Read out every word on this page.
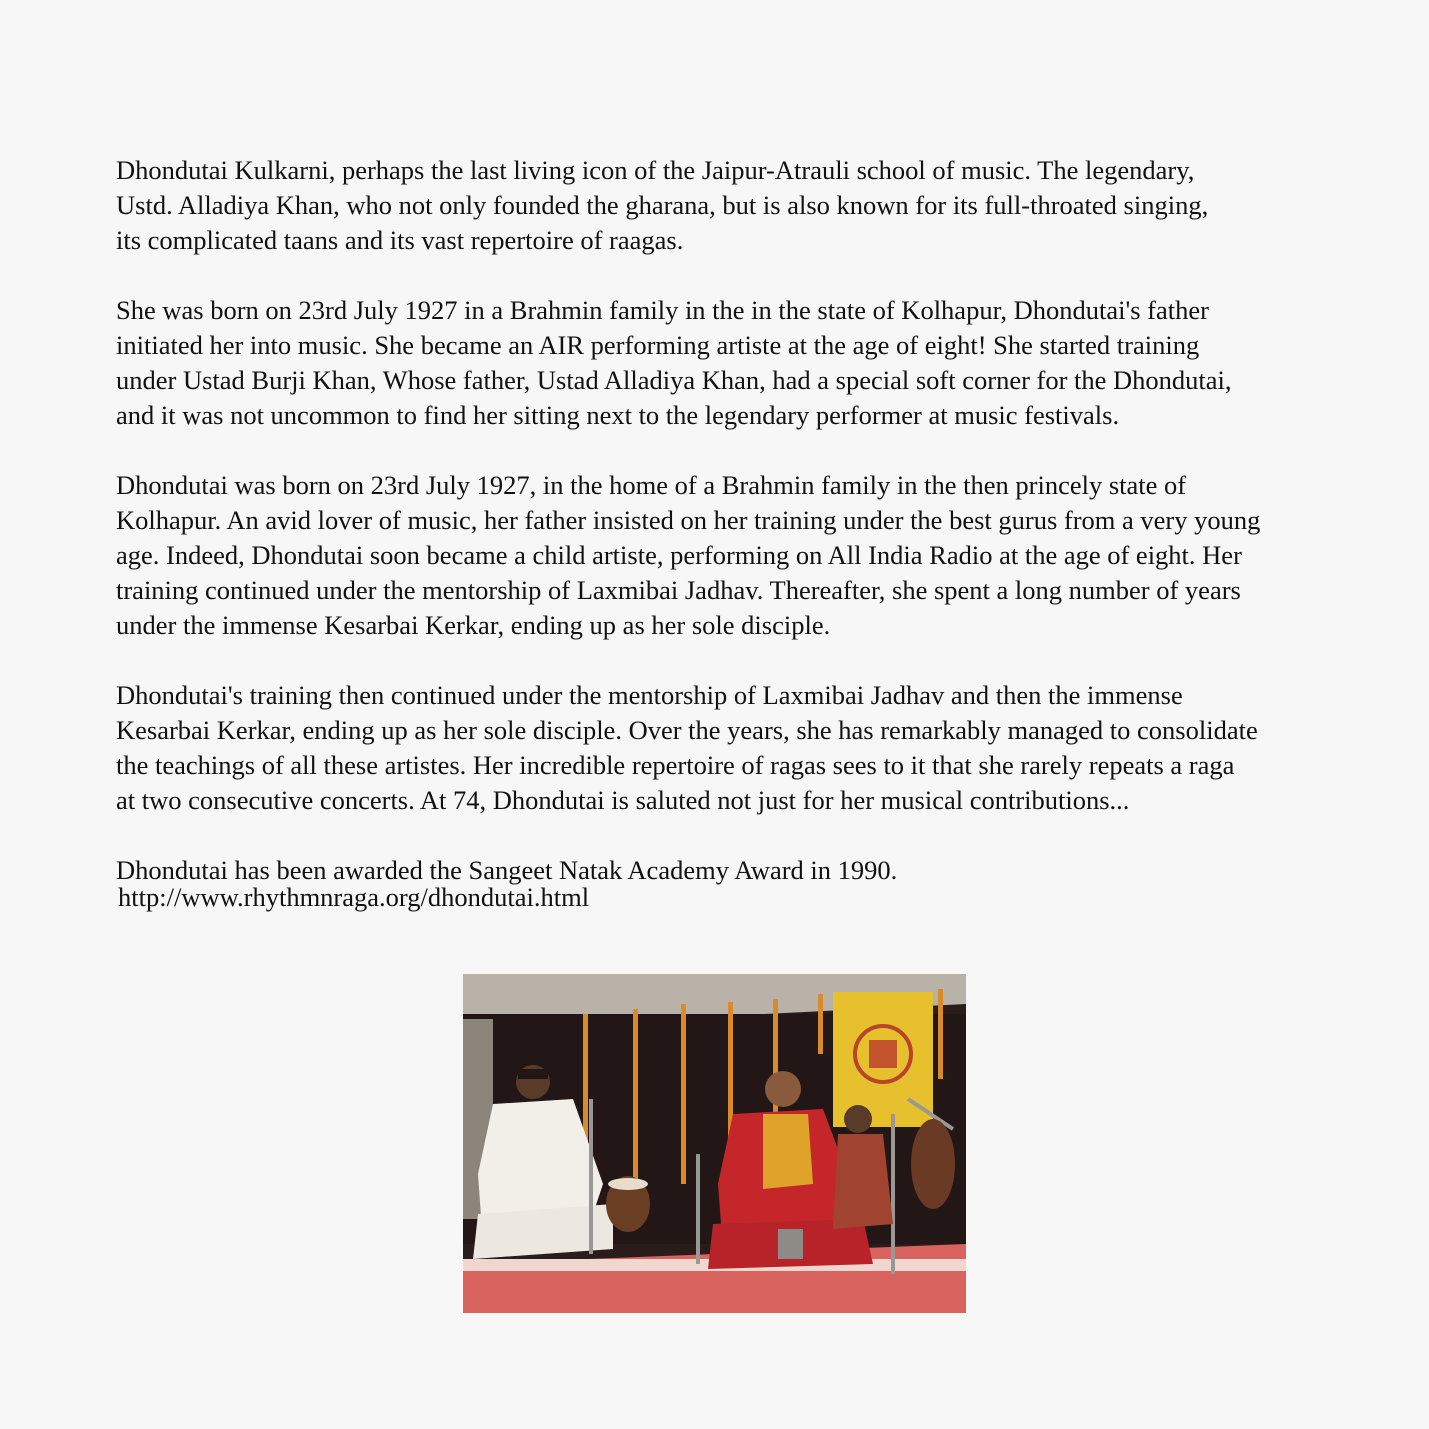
Dhondutai Kulkarni, perhaps the last living icon of the Jaipur-Atrauli school of music. The legendary,
Ustd. Alladiya Khan, who not only founded the gharana, but is also known for its full-throated singing,
its complicated taans and its vast repertoire of raagas.

She was born on 23rd July 1927 in a Brahmin family in the in the state of Kolhapur, Dhondutai's father
initiated her into music. She became an AIR performing artiste at the age of eight! She started training
under Ustad Burji Khan, Whose father, Ustad Alladiya Khan, had a special soft corner for the Dhondutai,
and it was not uncommon to find her sitting next to the legendary performer at music festivals.

Dhondutai was born on 23rd July 1927, in the home of a Brahmin family in the then princely state of
Kolhapur. An avid lover of music, her father insisted on her training under the best gurus from a very young
age. Indeed, Dhondutai soon became a child artiste, performing on All India Radio at the age of eight. Her
training continued under the mentorship of Laxmibai Jadhav. Thereafter, she spent a long number of years
under the immense Kesarbai Kerkar, ending up as her sole disciple.

Dhondutai's training then continued under the mentorship of Laxmibai Jadhav and then the immense
Kesarbai Kerkar, ending up as her sole disciple. Over the years, she has remarkably managed to consolidate
the teachings of all these artistes. Her incredible repertoire of ragas sees to it that she rarely repeats a raga
at two consecutive concerts. At 74, Dhondutai is saluted not just for her musical contributions...

Dhondutai has been awarded the Sangeet Natak Academy Award in 1990.

http://www.rhythmnraga.org/dhondutai.html
